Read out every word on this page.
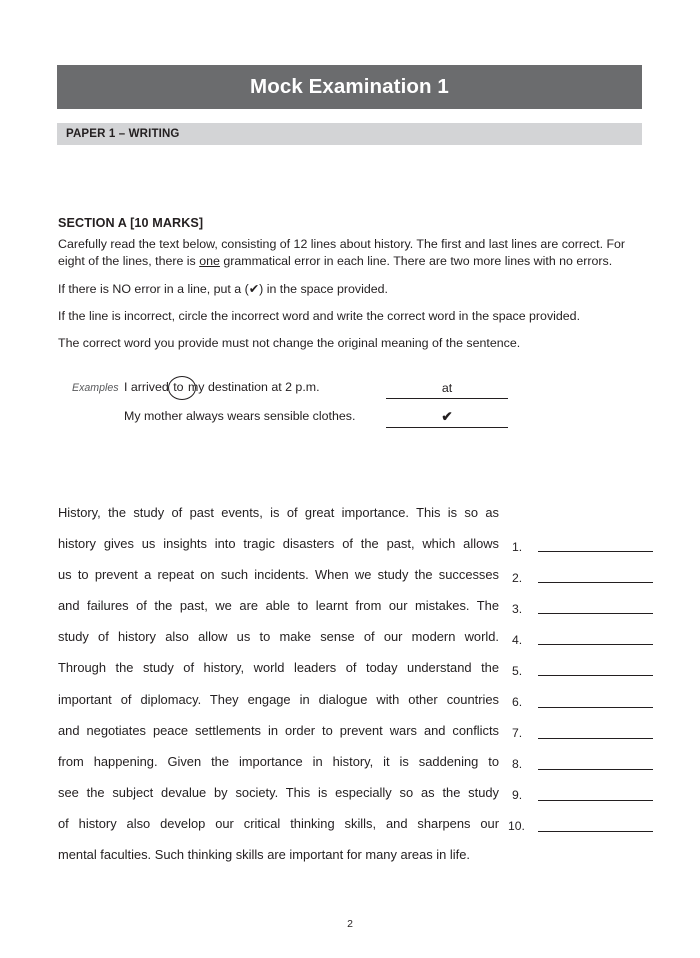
Mock Examination 1
PAPER 1 – WRITING
SECTION A [10 MARKS]

Carefully read the text below, consisting of 12 lines about history. The first and last lines are correct. For eight of the lines, there is one grammatical error in each line. There are two more lines with no errors.

If there is NO error in a line, put a (✔) in the space provided.

If the line is incorrect, circle the incorrect word and write the correct word in the space provided.

The correct word you provide must not change the original meaning of the sentence.

Examples I arrived
to my destination at 2 p.m.	at
My mother always wears sensible clothes.	✔
History, the study of past events, is of great importance. This is so as
history gives us insights into tragic disasters of the past, which allows
us to prevent a repeat on such incidents. When we study the successes
and failures of the past, we are able to learnt from our mistakes. The
study of history also allow us to make sense of our modern world.
Through the study of history, world leaders of today understand the
important of diplomacy. They engage in dialogue with other countries
and negotiates peace settlements in order to prevent wars and conflicts
from happening. Given the importance in history, it is saddening to
see the subject devalue by society. This is especially so as the study
of history also develop our critical thinking skills, and sharpens our
mental faculties. Such thinking skills are important for many areas in life.
1.
2.
3.
4.
5.
6.
7.
8.
9.
10.
2
